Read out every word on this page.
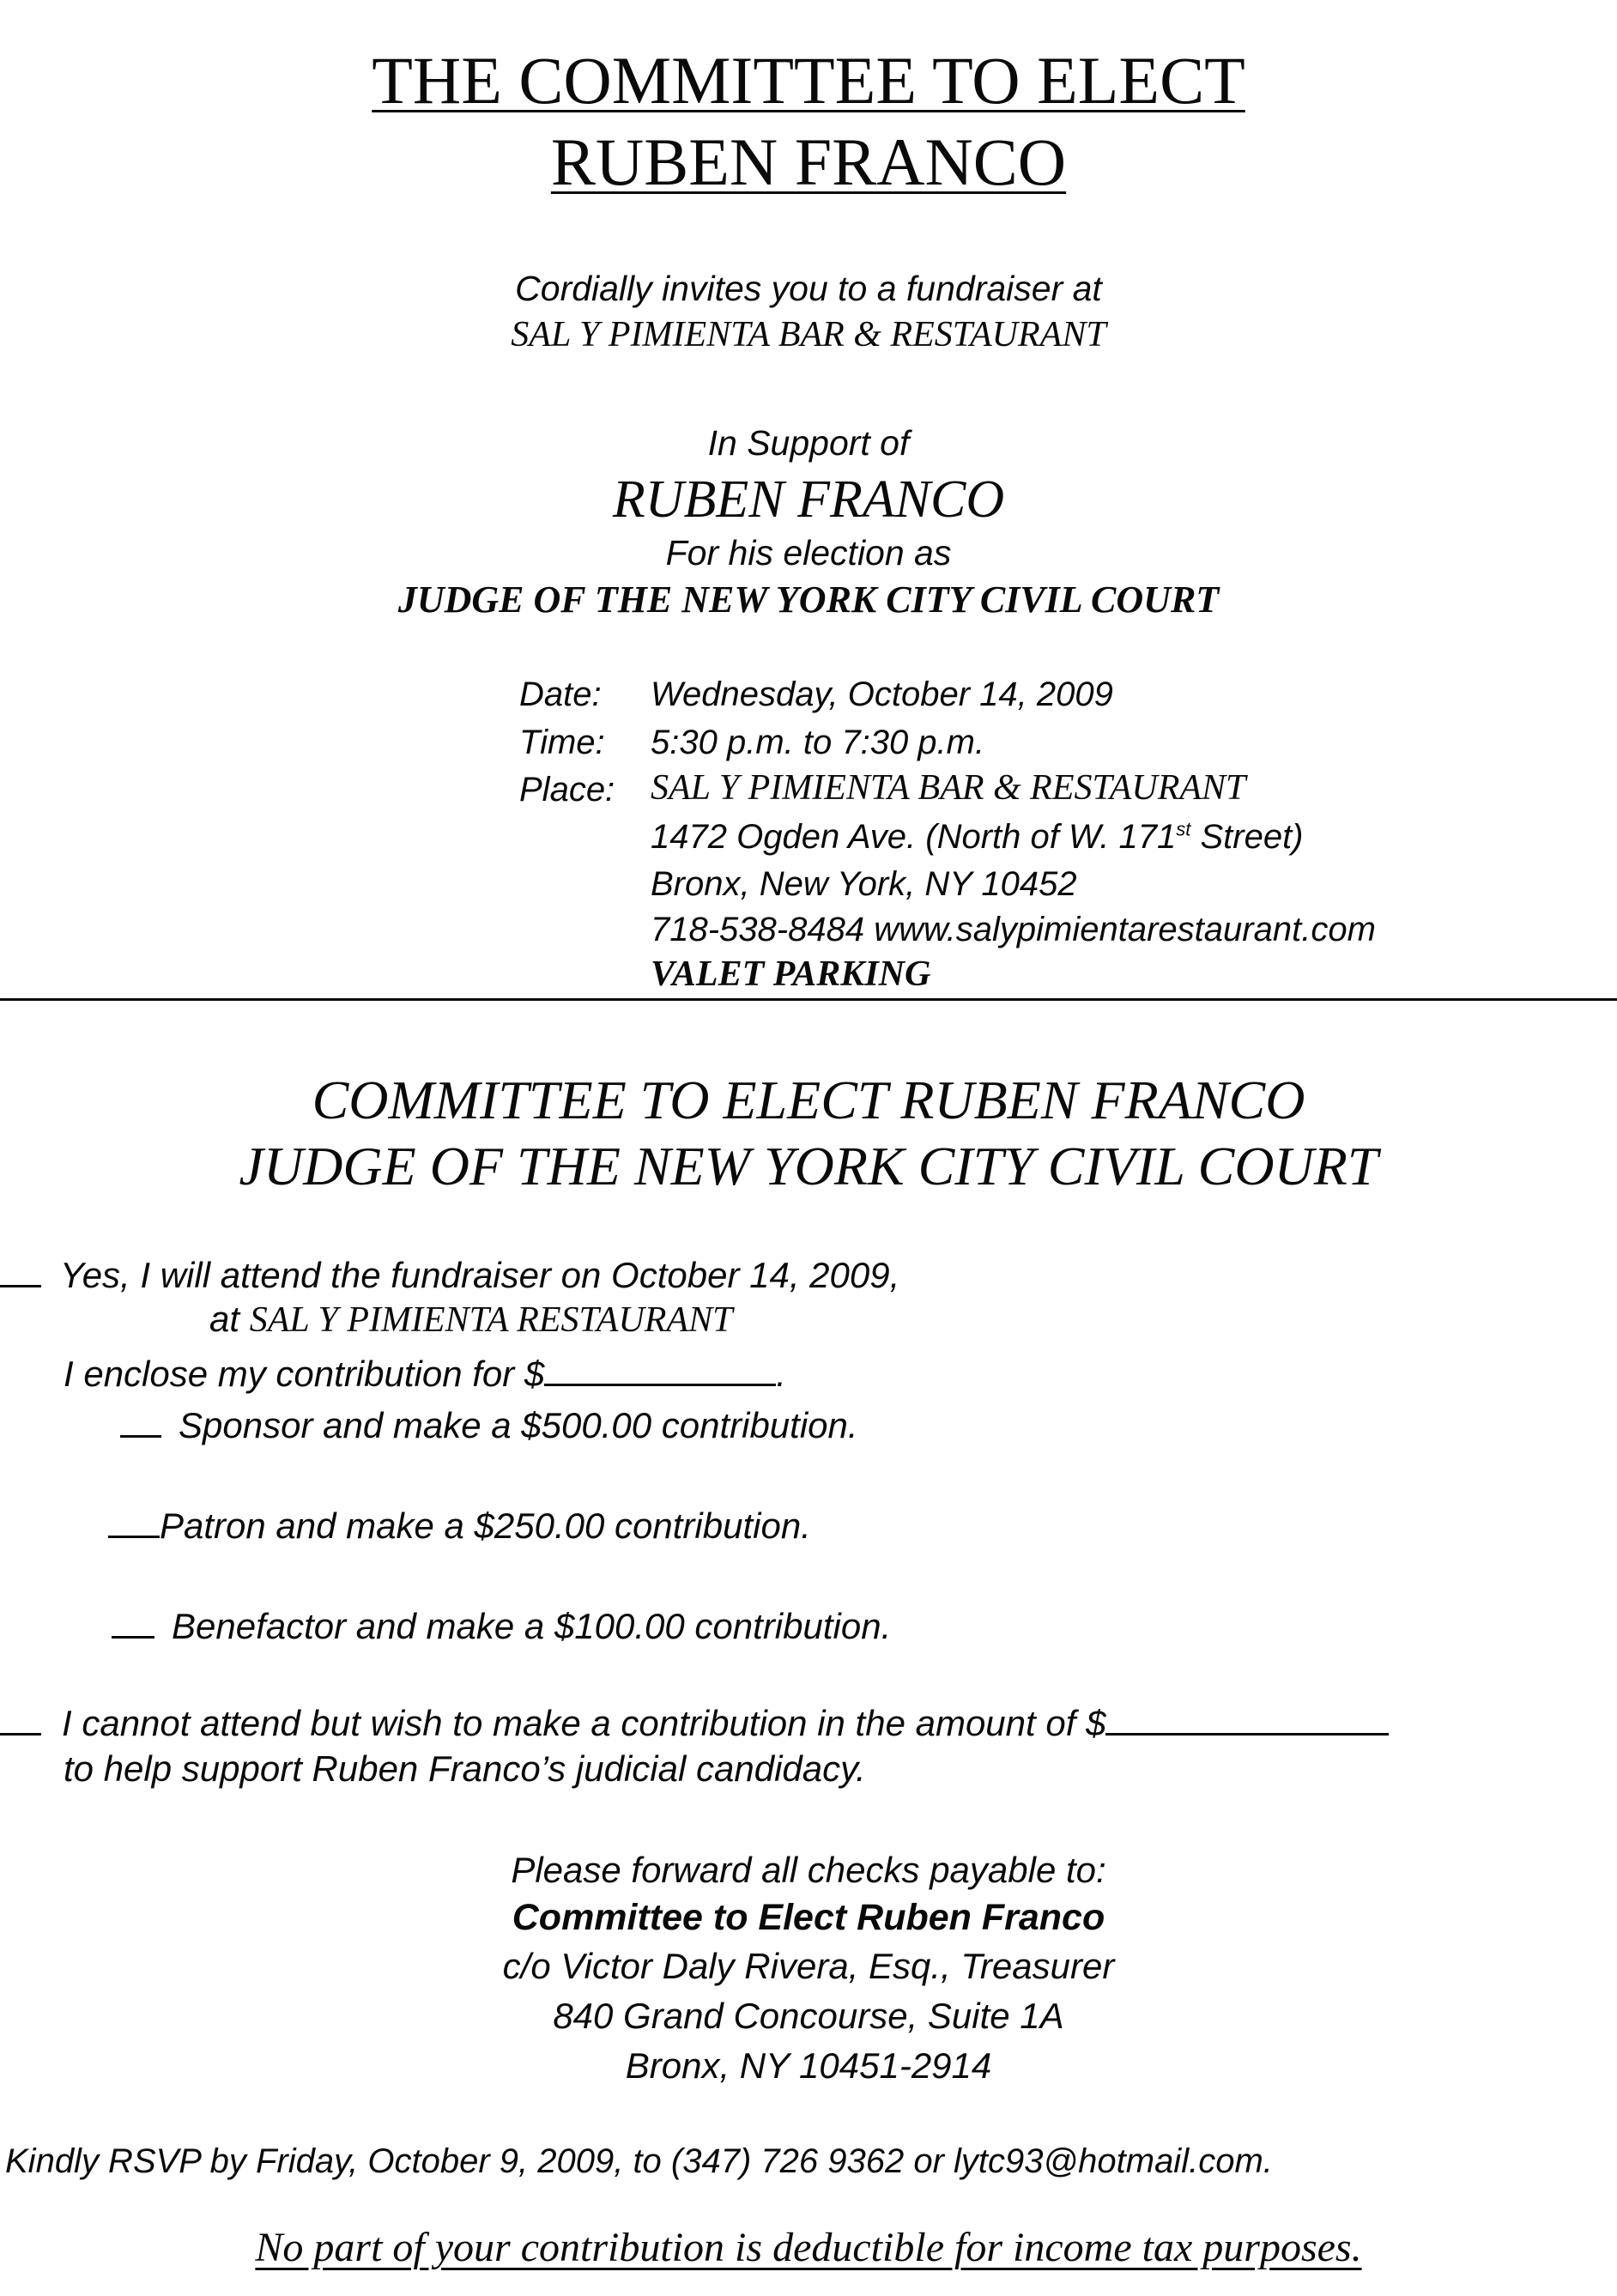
THE COMMITTEE TO ELECT
RUBEN FRANCO
Cordially invites you to a fundraiser at
SAL Y PIMIENTA BAR & RESTAURANT
In Support of
RUBEN FRANCO
For his election as
JUDGE OF THE NEW YORK CITY CIVIL COURT
Date: Wednesday, October 14, 2009
Time: 5:30 p.m. to 7:30 p.m.
Place: SAL Y PIMIENTA BAR & RESTAURANT
1472 Ogden Ave. (North of W. 171st Street)
Bronx, New York, NY 10452
718-538-8484 www.salypimientarestaurant.com
VALET PARKING
COMMITTEE TO ELECT RUBEN FRANCO
JUDGE OF THE NEW YORK CITY CIVIL COURT
Yes, I will attend the fundraiser on October 14, 2009,
at SAL Y PIMIENTA RESTAURANT
I enclose my contribution for $	.
Sponsor and make a $500.00 contribution.
Patron and make a $250.00 contribution.
Benefactor and make a $100.00 contribution.
I cannot attend but wish to make a contribution in the amount of $
to help support Ruben Franco’s judicial candidacy.
Please forward all checks payable to:
Committee to Elect Ruben Franco
c/o Victor Daly Rivera, Esq., Treasurer
840 Grand Concourse, Suite 1A
Bronx, NY 10451-2914
Kindly RSVP by Friday, October 9, 2009, to (347) 726 9362 or lytc93@hotmail.com.
No part of your contribution is deductible for income tax purposes.
